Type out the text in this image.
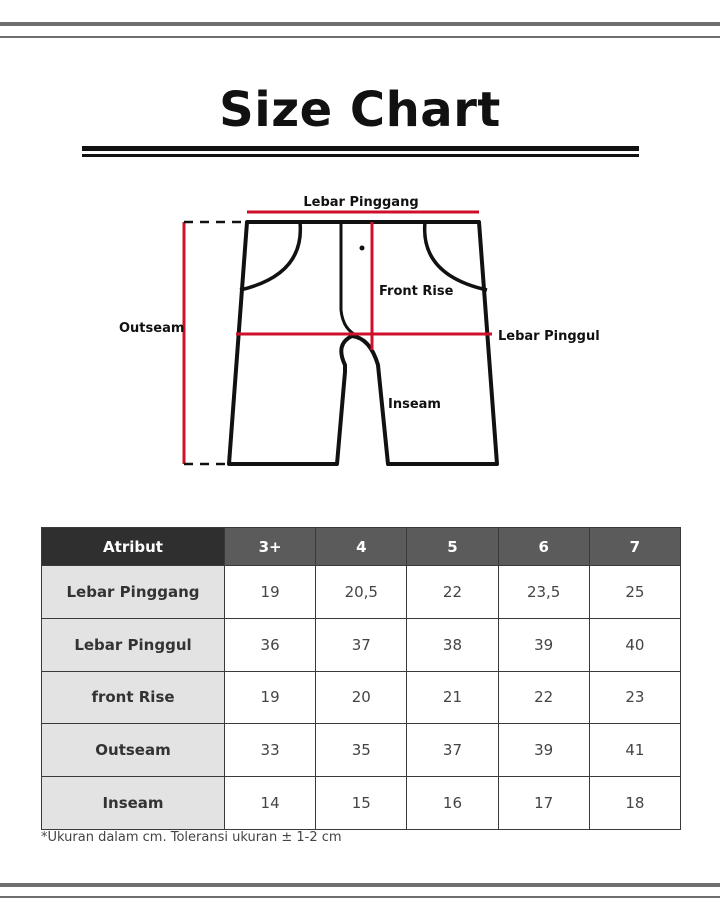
Size Chart
Lebar Pinggang
Front Rise
Outseam
Lebar Pinggul
Inseam
Atribut	3+	4	5	6	7
Lebar Pinggang	19	20,5	22	23,5	25
Lebar Pinggul	36	37	38	39	40
front Rise	19	20	21	22	23
Outseam	33	35	37	39	41
Inseam	14	15	16	17	18
*Ukuran dalam cm. Toleransi ukuran ± 1-2 cm
